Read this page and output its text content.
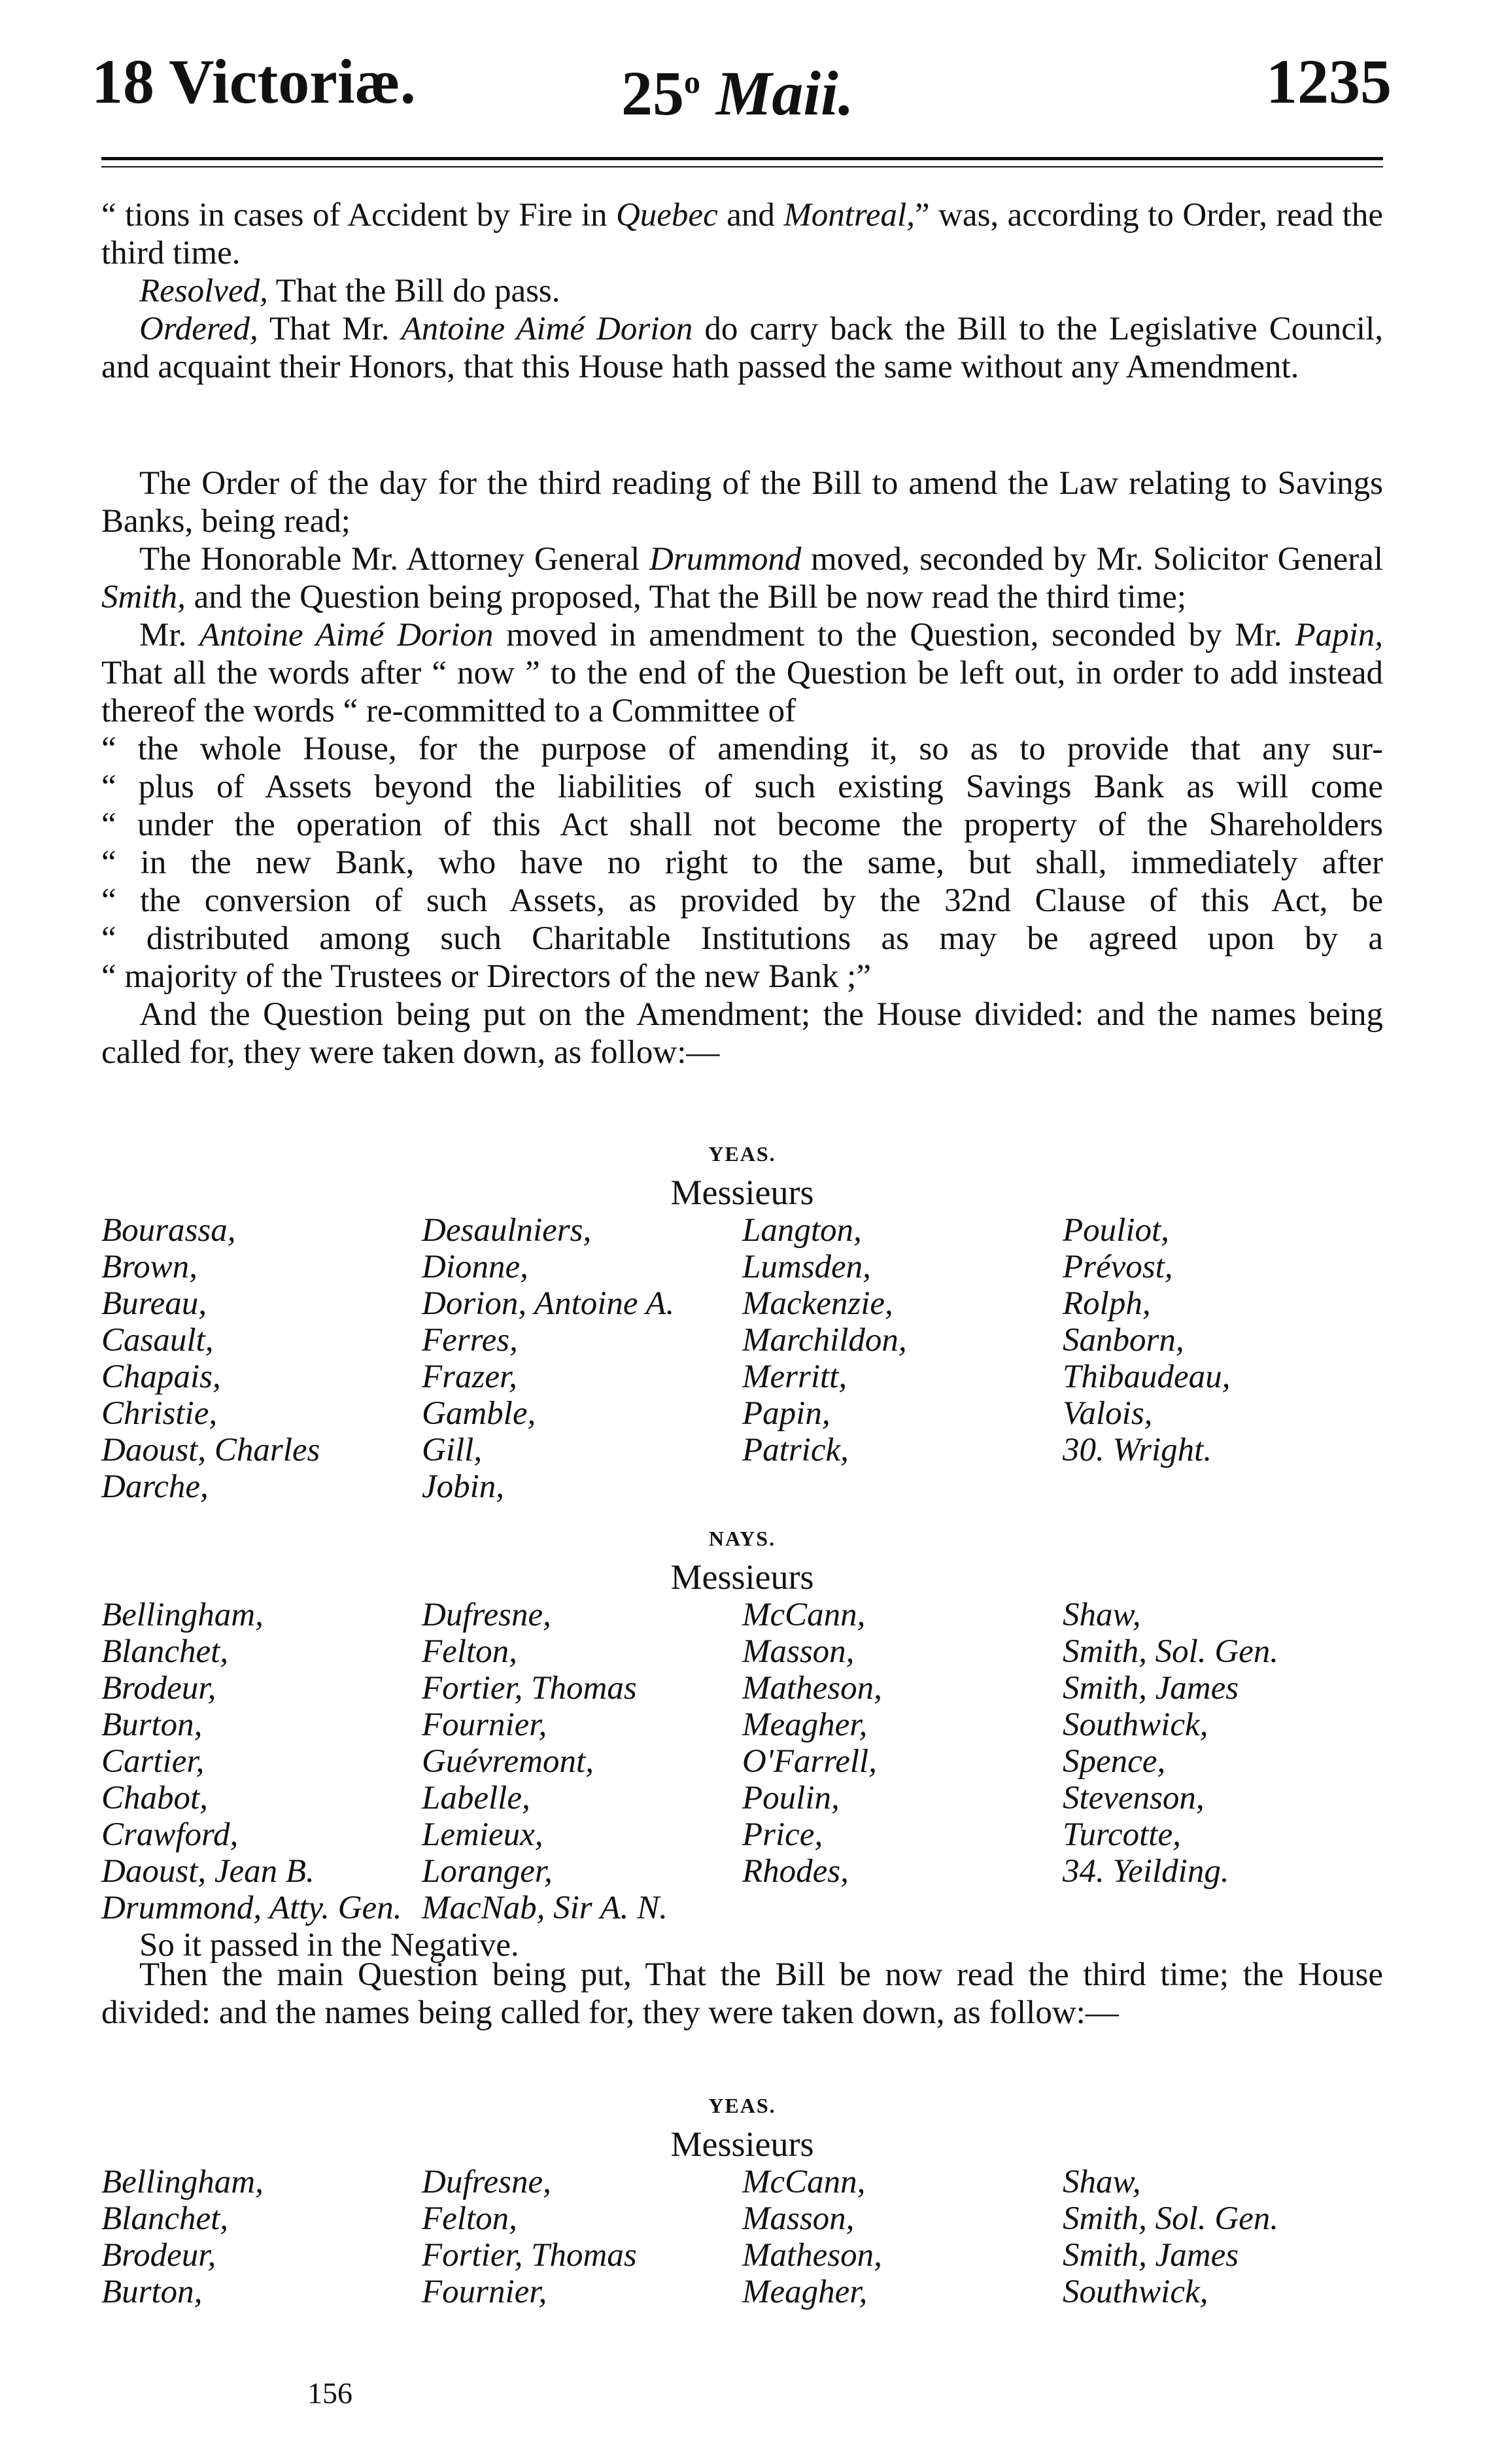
18 Victoriæ.	25$^o$ Maii.	1235

“ tions in cases of Accident by Fire in Quebec and Montreal,” was, according to Order, read the third time.

Resolved, That the Bill do pass.

Ordered, That Mr. Antoine Aimé Dorion do carry back the Bill to the Legislative Council, and acquaint their Honors, that this House hath passed the same without any Amendment.

The Order of the day for the third reading of the Bill to amend the Law relating to Savings Banks, being read;

The Honorable Mr. Attorney General Drummond moved, seconded by Mr. Solicitor General Smith, and the Question being proposed, That the Bill be now read the third time;

Mr. Antoine Aimé Dorion moved in amendment to the Question, seconded by Mr. Papin, That all the words after “ now ” to the end of the Question be left out, in order to add instead thereof the words “ re-committed to a Committee of

“ the whole House, for the purpose of amending it, so as to provide that any sur-
“ plus of Assets beyond the liabilities of such existing Savings Bank as will come
“ under the operation of this Act shall not become the property of the Shareholders
“ in the new Bank, who have no right to the same, but shall, immediately after
“ the conversion of such Assets, as provided by the 32nd Clause of this Act, be
“ distributed among such Charitable Institutions as may be agreed upon by a
“ majority of the Trustees or Directors of the new Bank ;”

And the Question being put on the Amendment; the House divided: and the names being called for, they were taken down, as follow:—

YEAS.
Messieurs
Bourassa,	Desaulniers,	Langton,	Pouliot,
Brown,	Dionne,	Lumsden,	Prévost,
Bureau,	Dorion, Antoine A.	Mackenzie,	Rolph,
Casault,	Ferres,	Marchildon,	Sanborn,
Chapais,	Frazer,	Merritt,	Thibaudeau,
Christie,	Gamble,	Papin,	Valois,
Daoust, Charles	Gill,	Patrick,	30. Wright.
Darche,	Jobin,		
NAYS.
Messieurs
Bellingham,	Dufresne,	McCann,	Shaw,
Blanchet,	Felton,	Masson,	Smith, Sol. Gen.
Brodeur,	Fortier, Thomas	Matheson,	Smith, James
Burton,	Fournier,	Meagher,	Southwick,
Cartier,	Guévremont,	O'Farrell,	Spence,
Chabot,	Labelle,	Poulin,	Stevenson,
Crawford,	Lemieux,	Price,	Turcotte,
Daoust, Jean B.	Loranger,	Rhodes,	34. Yeilding.
Drummond, Atty. Gen.	MacNab, Sir A. N.		

So it passed in the Negative.

Then the main Question being put, That the Bill be now read the third time; the House divided: and the names being called for, they were taken down, as follow:—

YEAS.
Messieurs
Bellingham,	Dufresne,	McCann,	Shaw,
Blanchet,	Felton,	Masson,	Smith, Sol. Gen.
Brodeur,	Fortier, Thomas	Matheson,	Smith, James
Burton,	Fournier,	Meagher,	Southwick,
156
